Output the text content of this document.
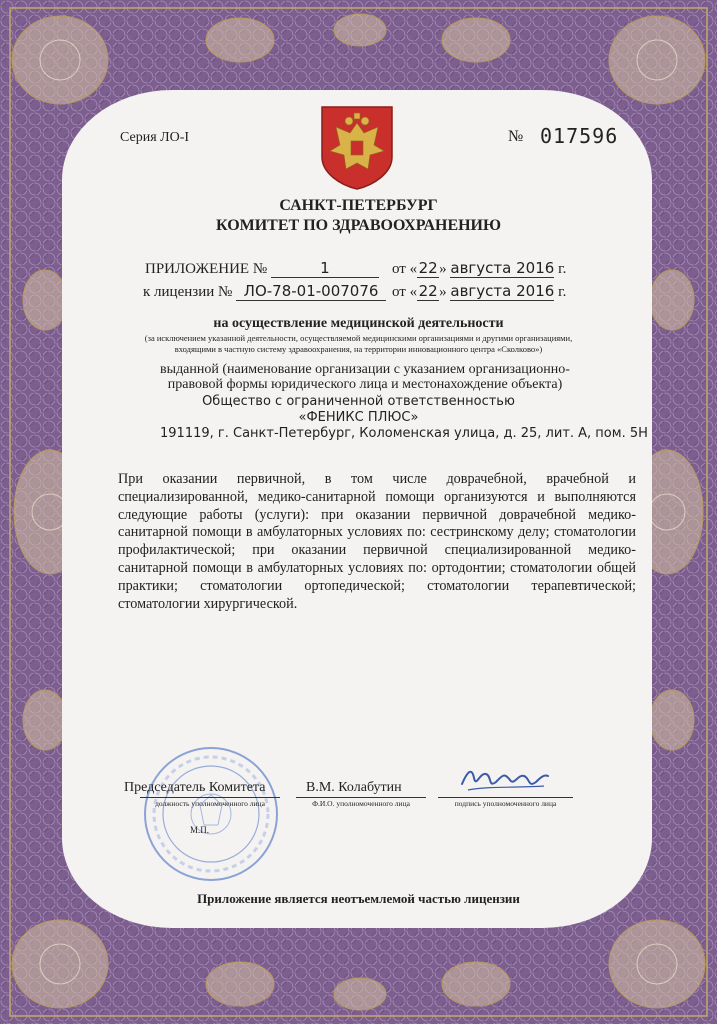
Серия ЛО-I	№ 017596
САНКТ-ПЕТЕРБУРГ
КОМИТЕТ ПО ЗДРАВООХРАНЕНИЮ
ПРИЛОЖЕНИЕ №	1	от «22» августа 2016 г.
к лицензии № ЛО-78-01-007076 от «22» августа 2016 г.
на осуществление медицинской деятельности
(за исключением указанной деятельности, осуществляемой медицинскими организациями и другими организациями, входящими в частную систему здравоохранения, на территории инновационного центра «Сколково»)
выданной (наименование организации с указанием организационно-правовой формы юридического лица и местонахождение объекта)
Общество с ограниченной ответственностью
«ФЕНИКС ПЛЮС»
191119, г. Санкт-Петербург, Коломенская улица, д. 25, лит. А, пом. 5Н
При оказании первичной, в том числе доврачебной, врачебной и специализированной, медико-санитарной помощи организуются и выполняются следующие работы (услуги): при оказании первичной доврачебной медико-санитарной помощи в амбулаторных условиях по: сестринскому делу; стоматологии профилактической; при оказании первичной специализированной медико-санитарной помощи в амбулаторных условиях по: ортодонтии; стоматологии общей практики; стоматологии ортопедической; стоматологии терапевтической; стоматологии хирургической.
Председатель Комитета	В.М. Колабутин
должность уполномоченного лица	Ф.И.О. уполномоченного лица	подпись уполномоченного лица
М.П.
Приложение является неотъемлемой частью лицензии
